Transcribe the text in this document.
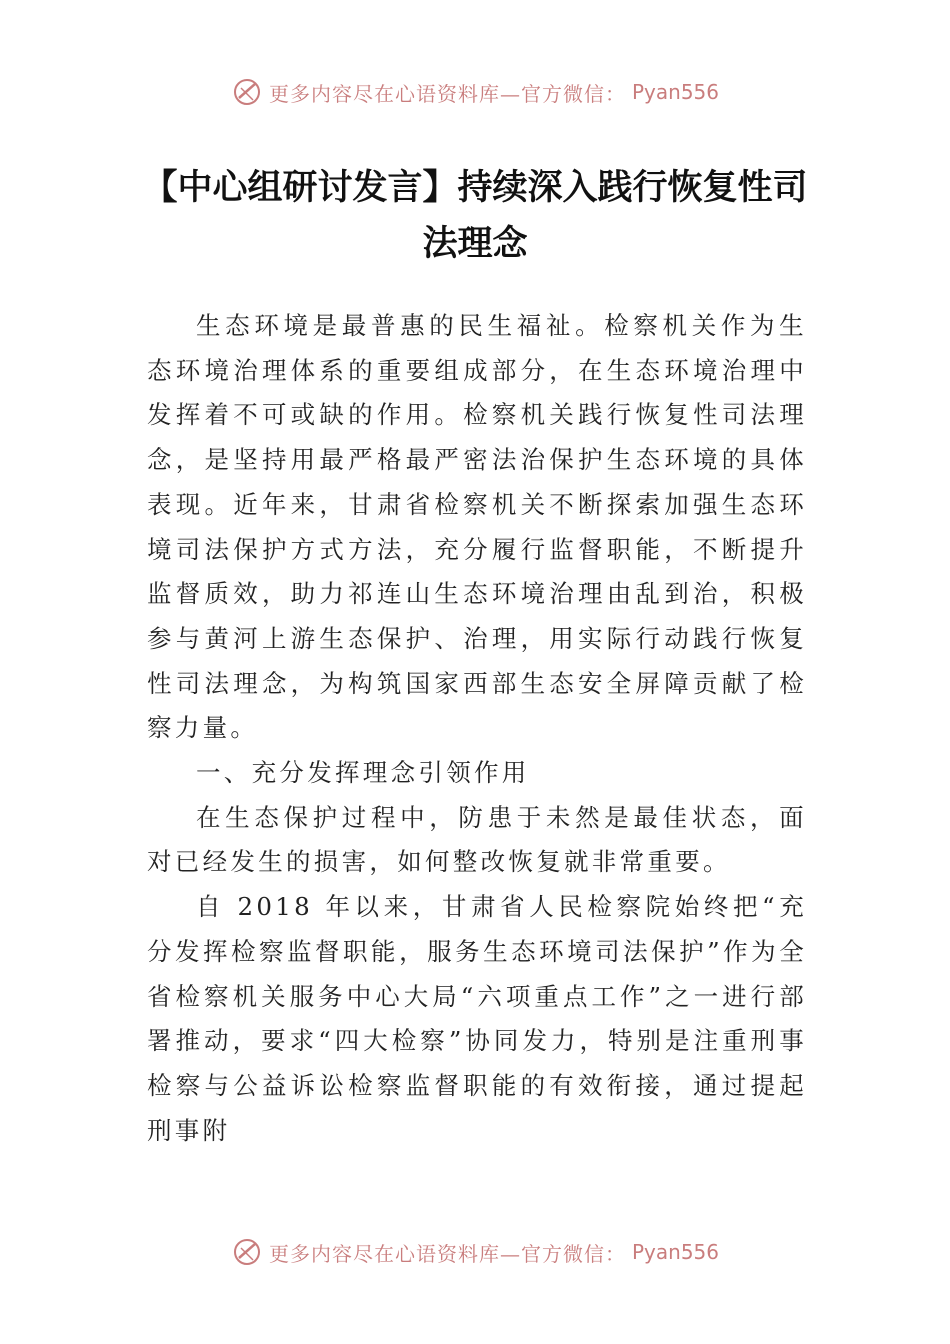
更多内容尽在心语资料库—官方微信： Pyan556
【中心组研讨发言】持续深入践行恢复性司法理念

生态环境是最普惠的民生福祉。检察机关作为生态环境治理体系的重要组成部分，在生态环境治理中发挥着不可或缺的作用。检察机关践行恢复性司法理念，是坚持用最严格最严密法治保护生态环境的具体表现。近年来，甘肃省检察机关不断探索加强生态环境司法保护方式方法，充分履行监督职能，不断提升监督质效，助力祁连山生态环境治理由乱到治，积极参与黄河上游生态保护、治理，用实际行动践行恢复性司法理念，为构筑国家西部生态安全屏障贡献了检察力量。

一、充分发挥理念引领作用

在生态保护过程中，防患于未然是最佳状态，面对已经发生的损害，如何整改恢复就非常重要。

自 2018 年以来，甘肃省人民检察院始终把“充分发挥检察监督职能，服务生态环境司法保护”作为全省检察机关服务中心大局“六项重点工作”之一进行部署推动，要求“四大检察”协同发力，特别是注重刑事检察与公益诉讼检察监督职能的有效衔接，通过提起刑事附

更多内容尽在心语资料库—官方微信： Pyan556
